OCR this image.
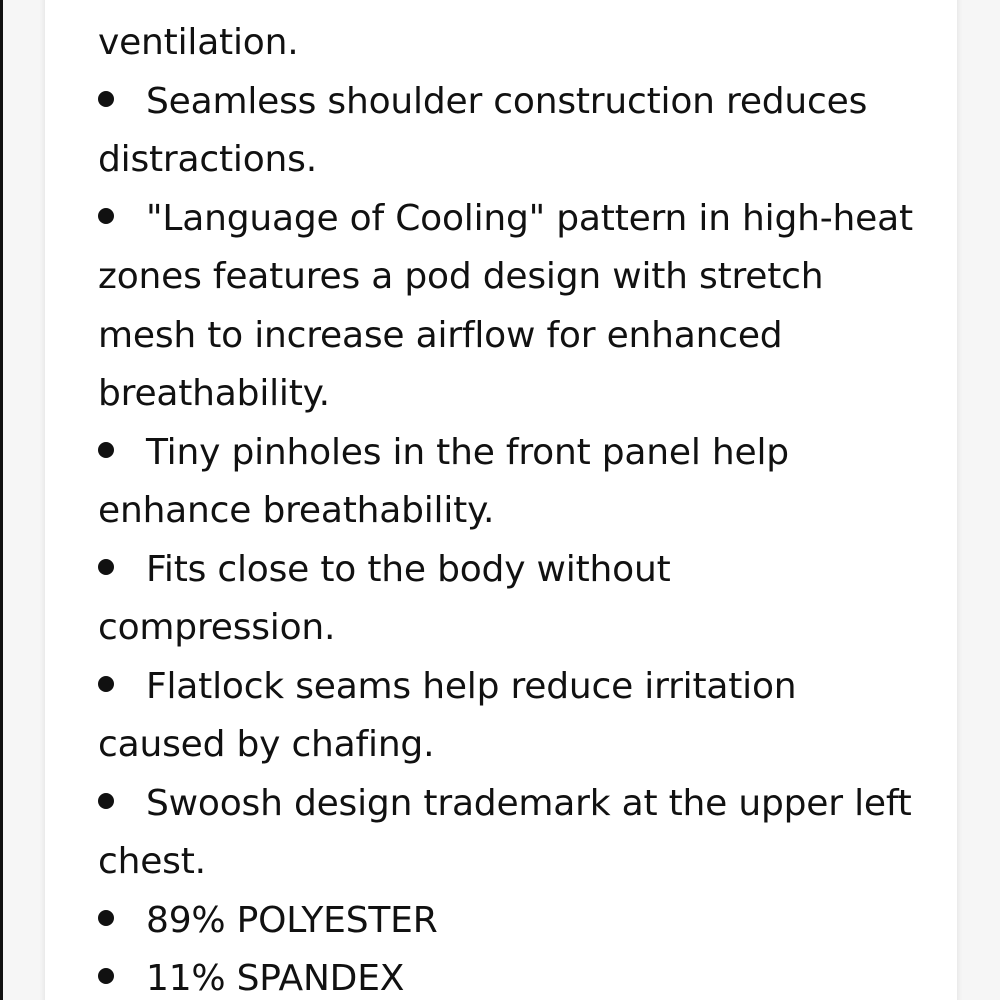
ventilation.

Seamless shoulder construction reduces distractions.

"Language of Cooling" pattern in high-heat zones features a pod design with stretch mesh to increase airflow for enhanced breathability.

Tiny pinholes in the front panel help enhance breathability.

Fits close to the body without compression.

Flatlock seams help reduce irritation caused by chafing.

Swoosh design trademark at the upper left chest.

89% POLYESTER

11% SPANDEX
